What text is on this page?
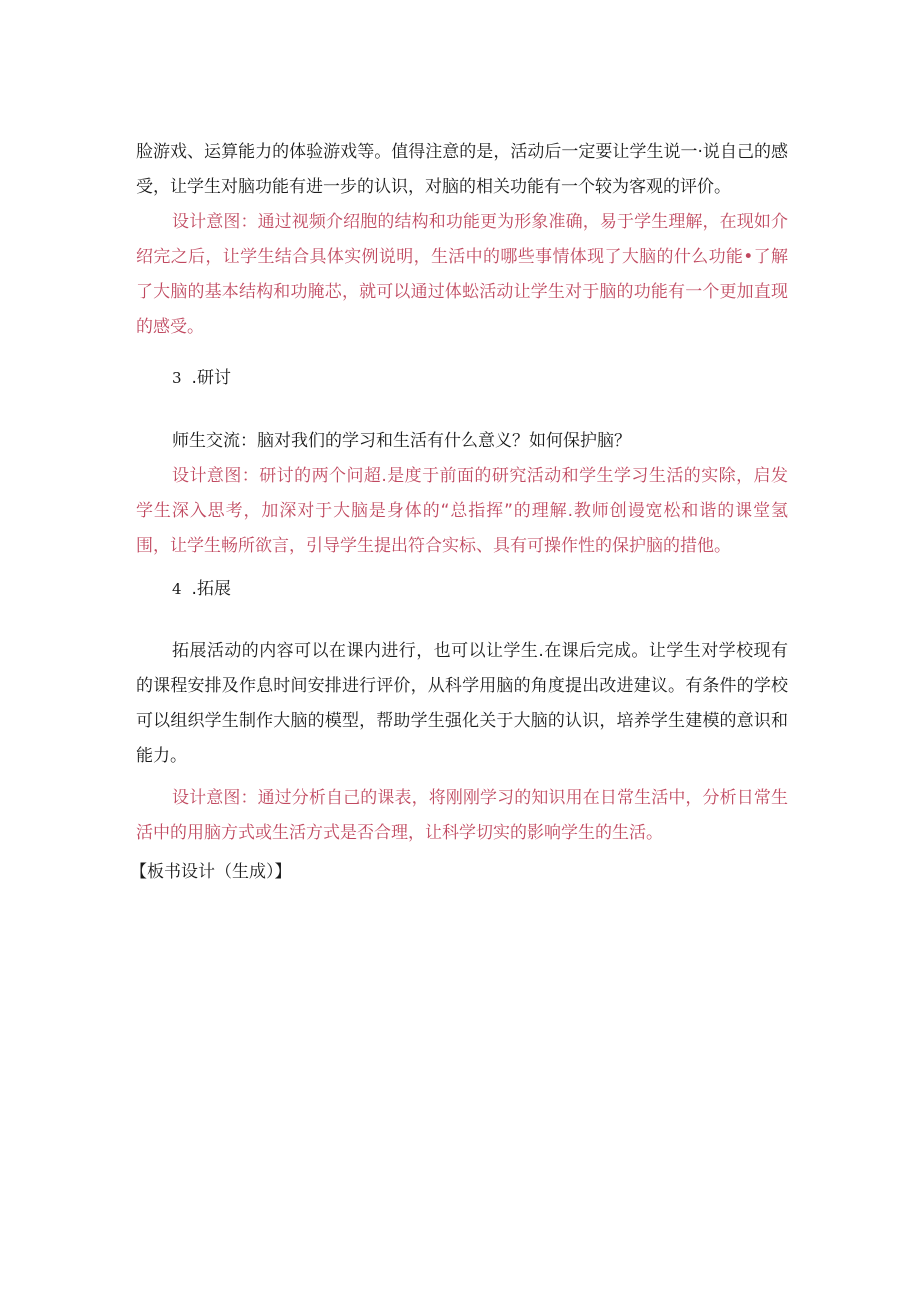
脸游戏、运算能力的体验游戏等。值得注意的是，活动后一定要让学生说一·说自己的感受，让学生对脑功能有进一步的认识，对脑的相关功能有一个较为客观的评价。

设计意图：通过视频介绍胞的结构和功能更为形象准确，易于学生理解，在现如介绍完之后，让学生结合具体实例说明，生活中的哪些事情体现了大脑的什么功能•了解了大脑的基本结构和功腌芯，就可以通过体蚣活动让学生对于脑的功能有一个更加直现的感受。

3 .研讨

师生交流：脑对我们的学习和生活有什么意义？如何保护脑？

设计意图：研讨的两个问超.是度于前面的研究活动和学生学习生活的实除，启发学生深入思考，加深对于大脑是身体的“总指挥”的理解.教师创谩宽松和谐的课堂氢围，让学生畅所欲言，引导学生提出符合实标、具有可操作性的保护脑的措他。

4 .拓展

拓展活动的内容可以在课内进行，也可以让学生.在课后完成。让学生对学校现有的课程安排及作息时间安排进行评价，从科学用脑的角度提出改进建议。有条件的学校可以组织学生制作大脑的模型，帮助学生强化关于大脑的认识，培养学生建模的意识和能力。

设计意图：通过分析自己的课表，将刚刚学习的知识用在日常生活中，分析日常生活中的用脑方式或生活方式是否合理，让科学切实的影响学生的生活。

【板书设计（生成）】
